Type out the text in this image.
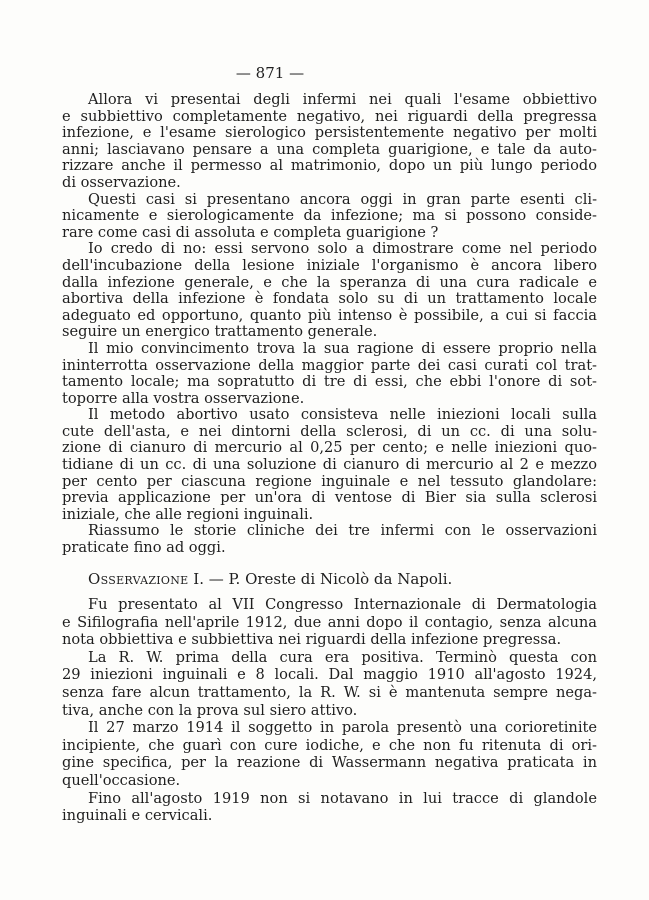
— 871 —
Allora vi presentai degli infermi nei quali l'esame obbiettivo
e subbiettivo completamente negativo, nei riguardi della pregressa
infezione, e l'esame sierologico persistentemente negativo per molti
anni; lasciavano pensare a una completa guarigione, e tale da auto-
rizzare anche il permesso al matrimonio, dopo un più lungo periodo
di osservazione.
Questi casi si presentano ancora oggi in gran parte esenti cli-
nicamente e sierologicamente da infezione; ma si possono conside-
rare come casi di assoluta e completa guarigione ?
Io credo di no: essi servono solo a dimostrare come nel periodo
dell'incubazione della lesione iniziale l'organismo è ancora libero
dalla infezione generale, e che la speranza di una cura radicale e
abortiva della infezione è fondata solo su di un trattamento locale
adeguato ed opportuno, quanto più intenso è possibile, a cui si faccia
seguire un energico trattamento generale.
Il mio convincimento trova la sua ragione di essere proprio nella
ininterrotta osservazione della maggior parte dei casi curati col trat-
tamento locale; ma sopratutto di tre di essi, che ebbi l'onore di sot-
toporre alla vostra osservazione.
Il metodo abortivo usato consisteva nelle iniezioni locali sulla
cute dell'asta, e nei dintorni della sclerosi, di un cc. di una solu-
zione di cianuro di mercurio al 0,25 per cento; e nelle iniezioni quo-
tidiane di un cc. di una soluzione di cianuro di mercurio al 2 e mezzo
per cento per ciascuna regione inguinale e nel tessuto glandolare:
previa applicazione per un'ora di ventose di Bier sia sulla sclerosi
iniziale, che alle regioni inguinali.
Riassumo le storie cliniche dei tre infermi con le osservazioni
praticate fino ad oggi.
Osservazione I. — P. Oreste di Nicolò da Napoli.
Fu presentato al VII Congresso Internazionale di Dermatologia
e Sifilografia nell'aprile 1912, due anni dopo il contagio, senza alcuna
nota obbiettiva e subbiettiva nei riguardi della infezione pregressa.
La R. W. prima della cura era positiva. Terminò questa con
29 iniezioni inguinali e 8 locali. Dal maggio 1910 all'agosto 1924,
senza fare alcun trattamento, la R. W. si è mantenuta sempre nega-
tiva, anche con la prova sul siero attivo.
Il 27 marzo 1914 il soggetto in parola presentò una corioretinite
incipiente, che guarì con cure iodiche, e che non fu ritenuta di ori-
gine specifica, per la reazione di Wassermann negativa praticata in
quell'occasione.
Fino all'agosto 1919 non si notavano in lui tracce di glandole
inguinali e cervicali.
